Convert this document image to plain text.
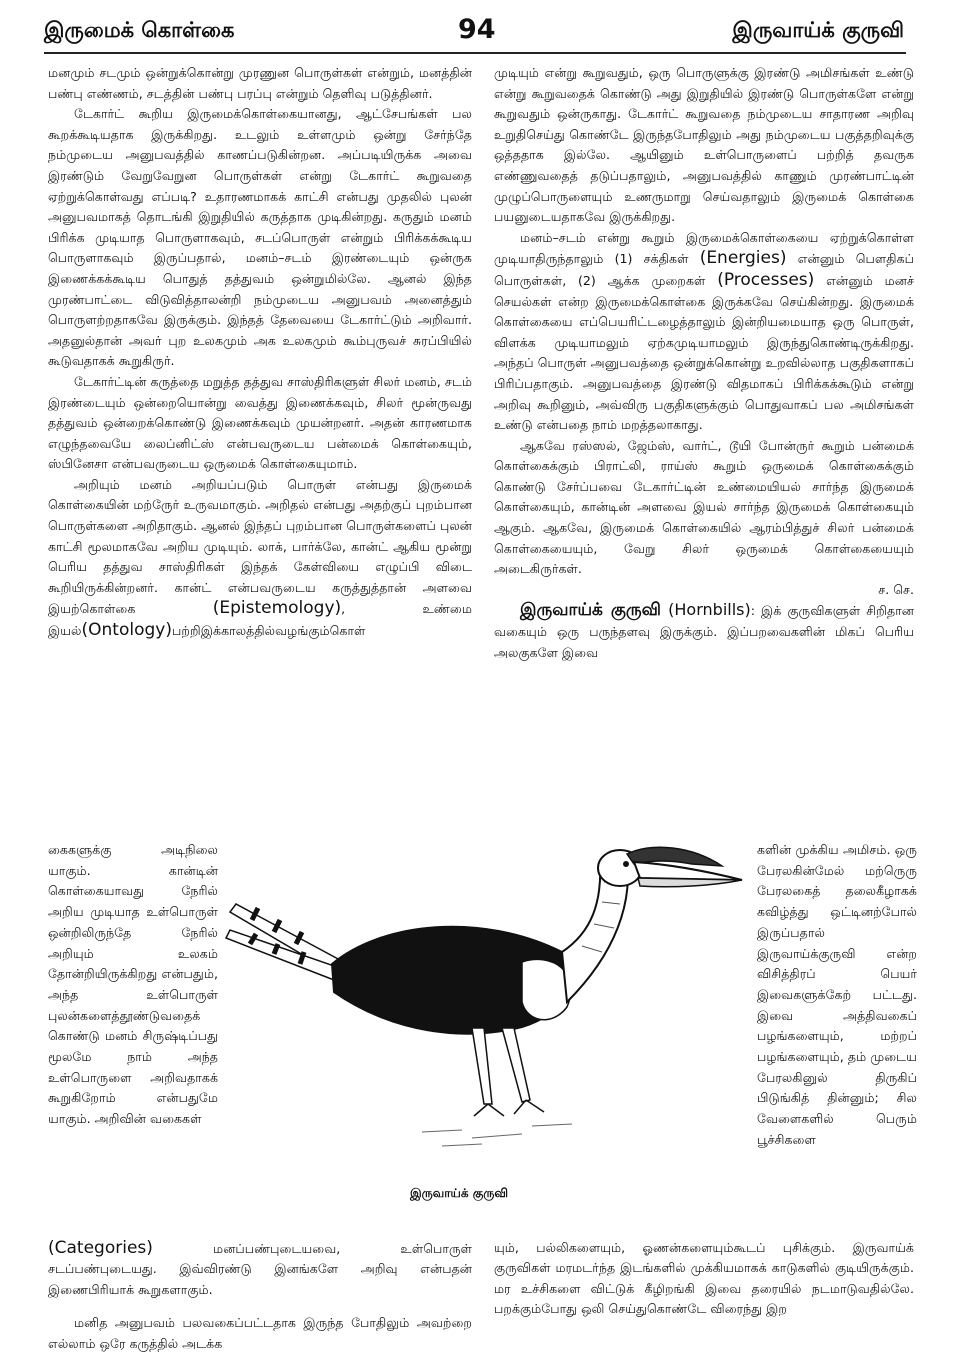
இருமைக் கொள்கை	94	இருவாய்க் குருவி

மனமும் சடமும் ஒன்றுக்கொன்று முரணுன பொருள்கள் என்றும், மனத்தின் பண்பு எண்ணம், சடத்தின் பண்பு பரப்பு என்றும் தெளிவு படுத்தினர்.

டேகார்ட் கூறிய இருமைக்கொள்கையானது, ஆட்சேபங்கள் பல கூறக்கூடியதாக இருக்கிறது. உடலும் உள்ளமும் ஒன்று சேர்ந்தே நம்முடைய அனுபவத்தில் காணப்படுகின்றன. அப்படியிருக்க அவை இரண்டும் வேறுவேறுன பொருள்கள் என்று டேகார்ட் கூறுவதை ஏற்றுக்கொள்வது எப்படி? உதாரணமாகக் காட்சி என்பது முதலில் புலன் அனுபவமாகத் தொடங்கி இறுதியில் கருத்தாக முடிகின்றது. கருதும் மனம் பிரிக்க முடியாத பொருளாகவும், சடப்பொருள் என்றும் பிரிக்கக்கூடிய பொருளாகவும் இருப்பதால், மனம்–சடம் இரண்டையும் ஒன்ருக இணைக்கக்கூடிய பொதுத் தத்துவம் ஒன்றுமில்லே. ஆனல் இந்த முரண்பாட்டை விடுவித்தாலன்றி நம்முடைய அனுபவம் அனைத்தும் பொருளற்றதாகவே இருக்கும். இந்தத் தேவையை டேகார்ட்டும் அறிவார். அதனுல்தான் அவர் புற உலகமும் அக உலகமும் கூம்புருவச் சுரப்பியில் கூடுவதாகக் கூறுகிருர்.

டேகார்ட்டின் கருத்தை மறுத்த தத்துவ சாஸ்திரிகளுள் சிலர் மனம், சடம் இரண்டையும் ஒன்றையொன்று வைத்து இணைக்கவும், சிலர் மூன்ருவது தத்துவம் ஒன்றைக்கொண்டு இணைக்கவும் முயன்றனர். அதன் காரணமாக எழுந்தவையே லைப்னிட்ஸ் என்பவருடைய பன்மைக் கொள்கையும், ஸ்பினேசா என்பவருடைய ஒருமைக் கொள்கையுமாம்.

அறியும் மனம் அறியப்படும் பொருள் என்பது இருமைக் கொள்கையின் மற்ருேர் உருவமாகும். அறிதல் என்பது அதற்குப் புறம்பான பொருள்களை அறிதாகும். ஆனல் இந்தப் புறம்பான பொருள்களைப் புலன் காட்சி மூலமாகவே அறிய முடியும். லாக், பார்க்லே, கான்ட் ஆகிய மூன்று பெரிய தத்துவ சாஸ்திரிகள் இந்தக் கேள்வியை எழுப்பி விடை கூறியிருக்கின்றனர். கான்ட் என்பவருடைய கருத்துத்தான் அளவை இயற்கொள்கை	(Epistemology), உண்மை இயல்(Ontology)பற்றிஇக்காலத்தில்வழங்கும்கொள்

கைகளுக்கு அடிநிலை யாகும். கான்டின் கொள்கையாவது நேரில் அறிய முடியாத உள்பொருள் ஒன்றிலிருந்தே நேரில் அறியும் உலகம் தோன்றியிருக்கிறது என்பதும், அந்த உள்பொருள் புலன்களைத்தூண்டுவதைக் கொண்டு மனம் சிருஷ்டிப்பது மூலமே நாம் அந்த உள்பொருளை அறிவதாகக் கூறுகிறோம் என்பதுமே யாகும். அறிவின் வகைகள்

(Categories) மனப்பண்புடையவை, உள்பொருள் சடப்பண்புடையது. இவ்விரண்டு இனங்களே அறிவு என்பதன் இணைபிரியாக் கூறுகளாகும்.

மனித அனுபவம் பலவகைப்பட்டதாக இருந்த போதிலும் அவற்றை எல்லாம் ஒரே கருத்தில் அடக்க

முடியும் என்று கூறுவதும், ஒரு பொருளுக்கு இரண்டு அமிசங்கள் உண்டு என்று கூறுவதைக் கொண்டு அது இறுதியில் இரண்டு பொருள்களே என்று கூறுவதும் ஒன்ருகாது. டேகார்ட் கூறுவதை நம்முடைய சாதாரண அறிவு உறுதிசெய்து கொண்டே இருந்தபோதிலும் அது நம்முடைய பகுத்தறிவுக்கு ஒத்ததாக இல்லே. ஆயினும் உள்பொருளைப் பற்றித் தவருக எண்ணுவதைத் தடுப்பதாலும், அனுபவத்தில் காணும் முரண்பாட்டின் முழுப்பொருளையும் உணருமாறு செய்வதாலும் இருமைக் கொள்கை பயனுடையதாகவே இருக்கிறது.

மனம்–சடம் என்று கூறும் இருமைக்கொள்கையை ஏற்றுக்கொள்ள முடியாதிருந்தாலும் (1) சக்திகள் (Energies) என்னும் பௌதிகப் பொருள்கள், (2) ஆக்க முறைகள் (Processes) என்னும் மனச் செயல்கள் என்ற இருமைக்கொள்கை இருக்கவே செய்கின்றது. இருமைக் கொள்கையை எப்பெயரிட்டழைத்தாலும் இன்றியமையாத ஒரு பொருள், விளக்க முடியாமலும் ஏற்கமுடியாமலும் இருந்துகொண்டிருக்கிறது. அந்தப் பொருள் அனுபவத்தை ஒன்றுக்கொன்று உறவில்லாத பகுதிகளாகப் பிரிப்பதாகும். அனுபவத்தை இரண்டு விதமாகப் பிரிக்கக்கூடும் என்று அறிவு கூறினும், அவ்விரு பகுதிகளுக்கும் பொதுவாகப் பல அமிசங்கள் உண்டு என்பதை நாம் மறத்தலாகாது.

ஆகவே ரஸ்ஸல், ஜேம்ஸ், வார்ட், டூயி போன்ருர் கூறும் பன்மைக் கொள்கைக்கும் பிராட்லி, ராய்ஸ் கூறும் ஒருமைக் கொள்கைக்கும் கொண்டு சேர்ப்பவை டேகார்ட்டின் உண்மையியல் சார்ந்த இருமைக் கொள்கையும், கான்டின் அளவை இயல் சார்ந்த இருமைக் கொள்கையும் ஆகும். ஆகவே, இருமைக் கொள்கையில் ஆரம்பித்துச் சிலர் பன்மைக் கொள்கையையும், வேறு சிலர் ஒருமைக் கொள்கையையும் அடைகிருர்கள்.

ச. செ.

இருவாய்க் குருவி (Hornbills): இக் குருவிகளுள் சிறிதான வகையும் ஒரு பருந்தளவு இருக்கும். இப்பறவைகளின் மிகப் பெரிய அலகுகளே இவை

களின் முக்கிய அமிசம். ஒரு பேரலகின்மேல் மற்ருெரு பேரலகைத் தலைகீழாகக் கவிழ்த்து ஒட்டினற்போல் இருப்பதால் இருவாய்க்குருவி என்ற விசித்திரப் பெயர் இவைகளுக்கேற் பட்டது. இவை அத்திவகைப் பழங்களையும், மற்றப் பழங்களையும், தம் முடைய பேரலகினுல் திருகிப் பிடுங்கித் தின்னும்; சில வேளைகளில் பெரும் பூச்சிகளை

யும், பல்லிகளையும், ஓணன்களையும்கூடப் புசிக்கும். இருவாய்க் குருவிகள் மரமடர்ந்த இடங்களில் முக்கியமாகக் காடுகளில் குடியிருக்கும். மர உச்சிகளை விட்டுக் கீழிறங்கி இவை தரையில் நடமாடுவதில்லே. பறக்கும்போது ஒலி செய்துகொண்டே விரைந்து இற

இருவாய்க் குருவி
